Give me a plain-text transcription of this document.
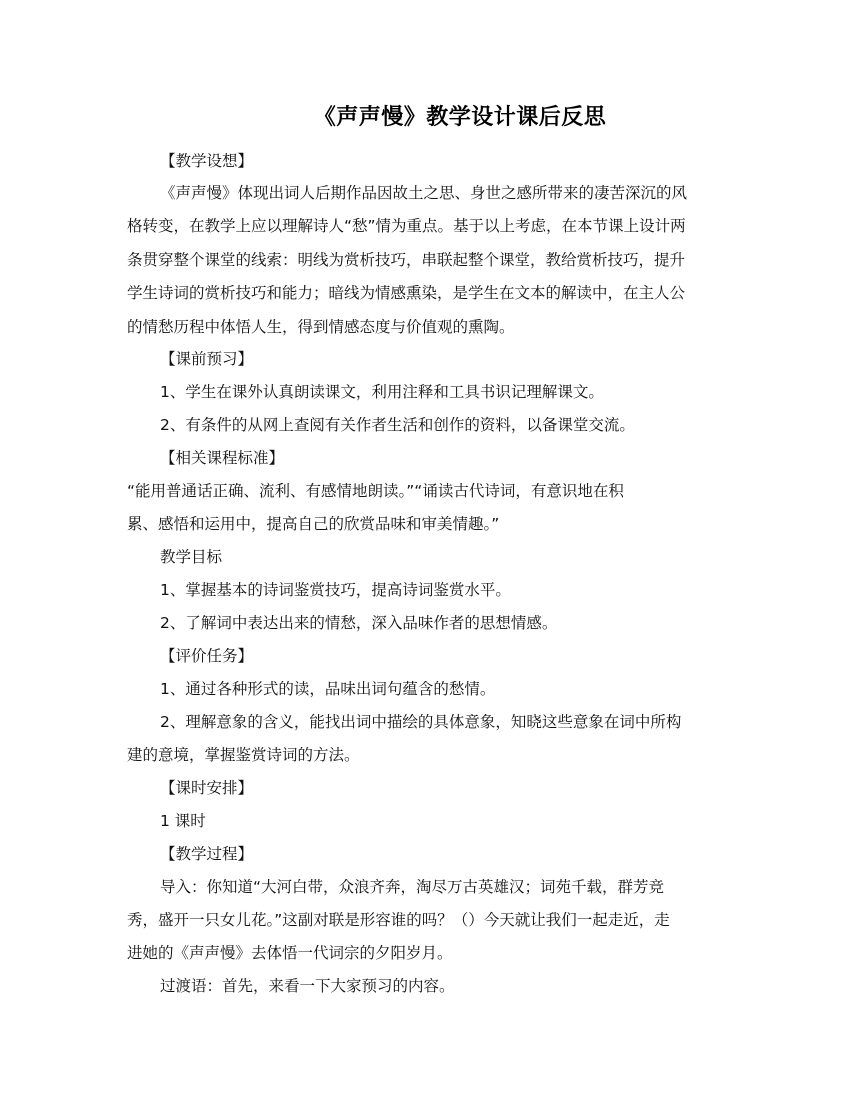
《声声慢》教学设计课后反思
【教学设想】
《声声慢》体现出词人后期作品因故土之思、身世之感所带来的凄苦深沉的风
格转变，在教学上应以理解诗人“愁”情为重点。基于以上考虑，在本节课上设计两
条贯穿整个课堂的线索：明线为赏析技巧，串联起整个课堂，教给赏析技巧，提升
学生诗词的赏析技巧和能力；暗线为情感熏染，是学生在文本的解读中，在主人公
的情愁历程中体悟人生，得到情感态度与价值观的熏陶。
【课前预习】
1、学生在课外认真朗读课文，利用注释和工具书识记理解课文。
2、有条件的从网上查阅有关作者生活和创作的资料，以备课堂交流。
【相关课程标准】
“能用普通话正确、流利、有感情地朗读。”“诵读古代诗词，有意识地在积
累、感悟和运用中，提高自己的欣赏品味和审美情趣。”
教学目标
1、掌握基本的诗词鉴赏技巧，提高诗词鉴赏水平。
2、了解词中表达出来的情愁，深入品味作者的思想情感。
【评价任务】
1、通过各种形式的读，品味出词句蕴含的愁情。
2、理解意象的含义，能找出词中描绘的具体意象，知晓这些意象在词中所构
建的意境，掌握鉴赏诗词的方法。
【课时安排】
1 课时
【教学过程】
导入：你知道“大河白带，众浪齐奔，淘尽万古英雄汉；词苑千载，群芳竞
秀，盛开一只女儿花。”这副对联是形容谁的吗？（）今天就让我们一起走近，走
进她的《声声慢》去体悟一代词宗的夕阳岁月。
过渡语：首先，来看一下大家预习的内容。
